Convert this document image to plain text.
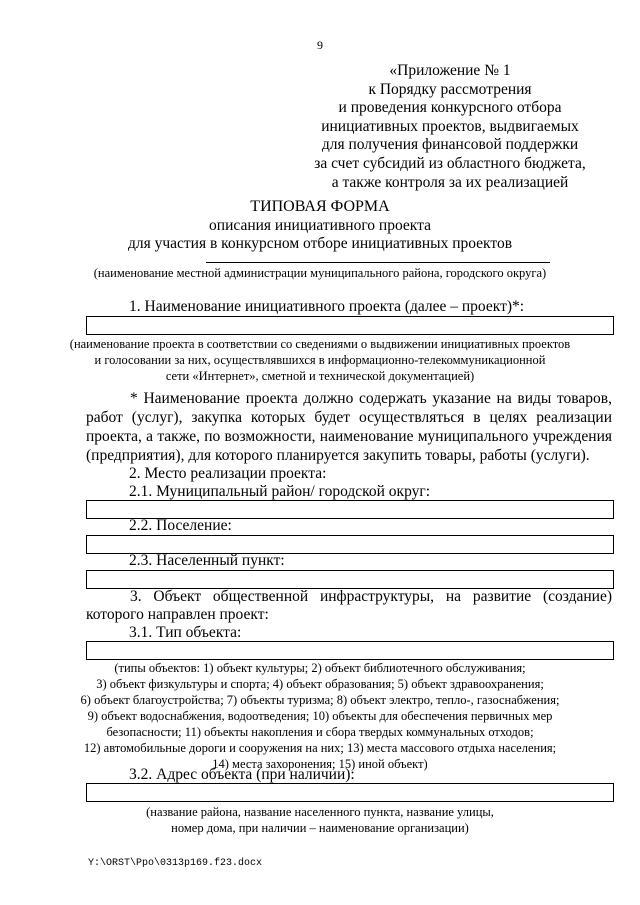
9
«Приложение № 1
к Порядку рассмотрения
и проведения конкурсного отбора
инициативных проектов, выдвигаемых
для получения финансовой поддержки
за счет субсидий из областного бюджета,
а также контроля за их реализацией
ТИПОВАЯ ФОРМА
описания инициативного проекта
для участия в конкурсном отборе инициативных проектов
(наименование местной администрации муниципального района, городского округа)
1. Наименование инициативного проекта (далее – проект)*:
(наименование проекта в соответствии со сведениями о выдвижении инициативных проектов
и голосовании за них, осуществлявшихся в информационно-телекоммуникационной
сети «Интернет», сметной и технической документацией)
* Наименование проекта должно содержать указание на виды товаров,
работ (услуг), закупка которых будет осуществляться в целях реализации
проекта, а также, по возможности, наименование муниципального учреждения
(предприятия), для которого планируется закупить товары, работы (услуги).
2. Место реализации проекта:
2.1. Муниципальный район/ городской округ:
2.2. Поселение:
2.3. Населенный пункт:
3. Объект общественной инфраструктуры, на развитие (создание)
которого направлен проект:
3.1. Тип объекта:
(типы объектов: 1) объект культуры; 2) объект библиотечного обслуживания;
3) объект физкультуры и спорта; 4) объект образования; 5) объект здравоохранения;
6) объект благоустройства; 7) объекты туризма; 8) объект электро, тепло-, газоснабжения;
9) объект водоснабжения, водоотведения; 10) объекты для обеспечения первичных мер
безопасности; 11) объекты накопления и сбора твердых коммунальных отходов;
12) автомобильные дороги и сооружения на них; 13) места массового отдыха населения;
14) места захоронения; 15) иной объект)
3.2. Адрес объекта (при наличии):
(название района, название населенного пункта, название улицы,
номер дома, при наличии – наименование организации)
Y:\ORST\Ppo\0313p169.f23.docx
